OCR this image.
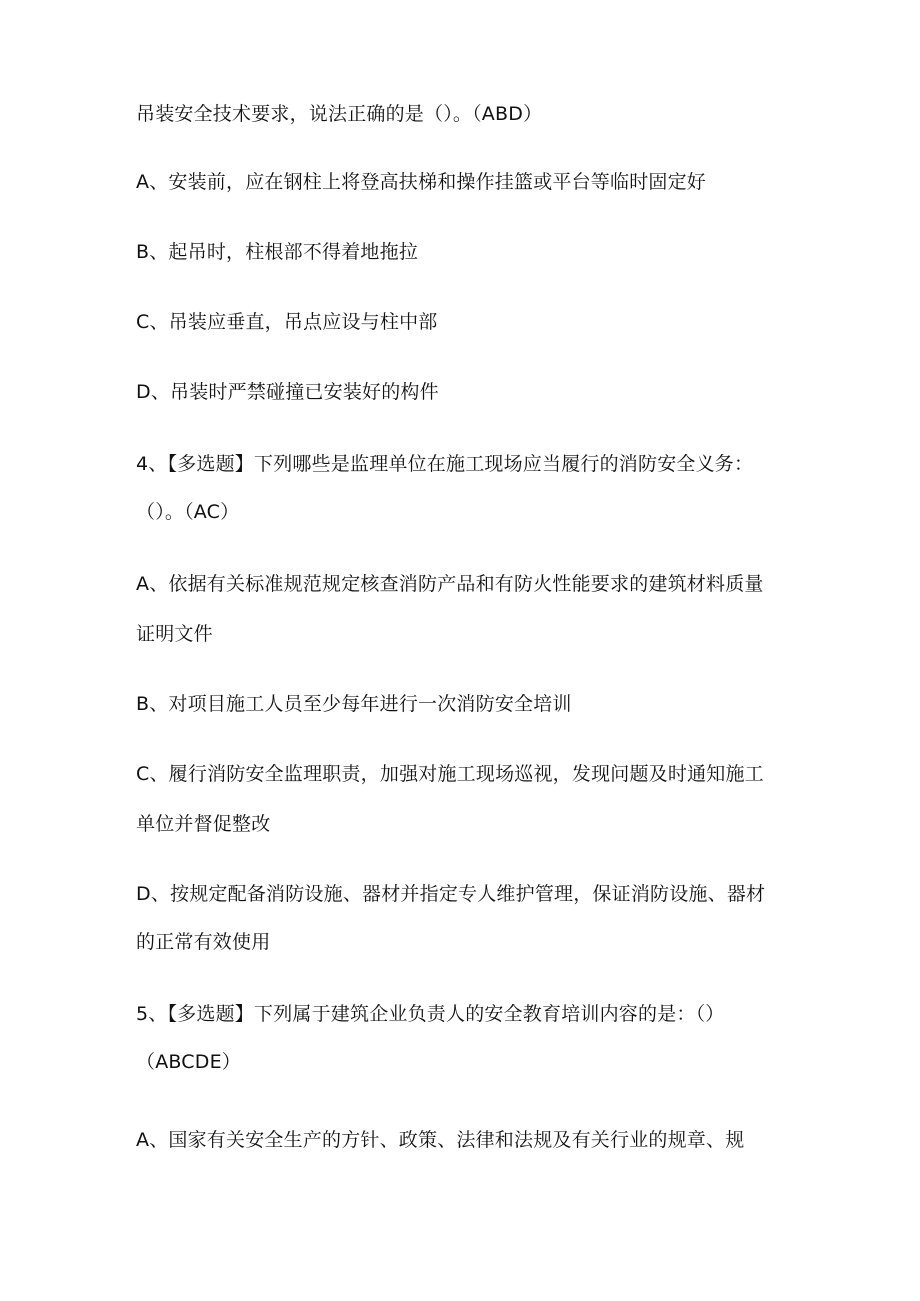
吊装安全技术要求，说法正确的是（）。（ABD）
A、安装前，应在钢柱上将登高扶梯和操作挂篮或平台等临时固定好
B、起吊时，柱根部不得着地拖拉
C、吊装应垂直，吊点应设与柱中部
D、吊装时严禁碰撞已安装好的构件
4、【多选题】下列哪些是监理单位在施工现场应当履行的消防安全义务：
（）。（AC）
A、依据有关标准规范规定核查消防产品和有防火性能要求的建筑材料质量
证明文件
B、对项目施工人员至少每年进行一次消防安全培训
C、履行消防安全监理职责，加强对施工现场巡视，发现问题及时通知施工
单位并督促整改
D、按规定配备消防设施、器材并指定专人维护管理，保证消防设施、器材
的正常有效使用
5、【多选题】下列属于建筑企业负责人的安全教育培训内容的是：（）
（ABCDE）
A、国家有关安全生产的方针、政策、法律和法规及有关行业的规章、规
